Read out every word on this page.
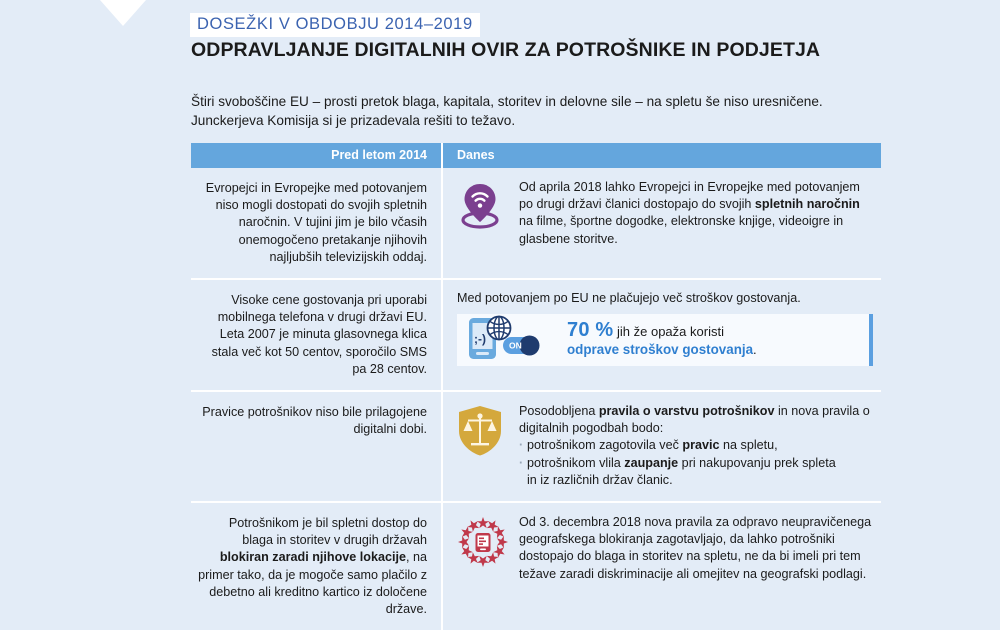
DOSEŽKI V OBDOBJU 2014–2019
ODPRAVLJANJE DIGITALNIH OVIR ZA POTROŠNIKE IN PODJETJA
Štiri svoboščine EU – prosti pretok blaga, kapitala, storitev in delovne sile – na spletu še niso uresničene.
Junckerjeva Komisija si je prizadevala rešiti to težavo.
Pred letom 2014	Danes
Evropejci in Evropejke med potovanjem niso mogli dostopati do svojih spletnih naročnin. V tujini jim je bilo včasih onemogočeno pretakanje njihovih najljubših televizijskih oddaj.
Od aprila 2018 lahko Evropejci in Evropejke med potovanjem po drugi državi članici dostopajo do svojih spletnih naročnin na filme, športne dogodke, elektronske knjige, videoigre in glasbene storitve.
Visoke cene gostovanja pri uporabi mobilnega telefona v drugi državi EU. Leta 2007 je minuta glasovnega klica stala več kot 50 centov, sporočilo SMS pa 28 centov.
Med potovanjem po EU ne plačujejo več stroškov gostovanja.
;-)	ON
70 % jih že opaža koristi
odprave stroškov gostovanja.
Pravice potrošnikov niso bile prilagojene digitalni dobi.
Posodobljena pravila o varstvu potrošnikov in nova pravila o digitalnih pogodbah bodo:
· potrošnikom zagotovila več pravic na spletu,
· potrošnikom vlila zaupanje pri nakupovanju prek spleta
in iz različnih držav članic.
Potrošnikom je bil spletni dostop do blaga in storitev v drugih državah blokiran zaradi njihove lokacije, na primer tako, da je mogoče samo plačilo z debetno ali kreditno kartico iz določene države.
Od 3. decembra 2018 nova pravila za odpravo neupravičenega geografskega blokiranja zagotavljajo, da lahko potrošniki dostopajo do blaga in storitev na spletu, ne da bi imeli pri tem težave zaradi diskriminacije ali omejitev na geografski podlagi.
